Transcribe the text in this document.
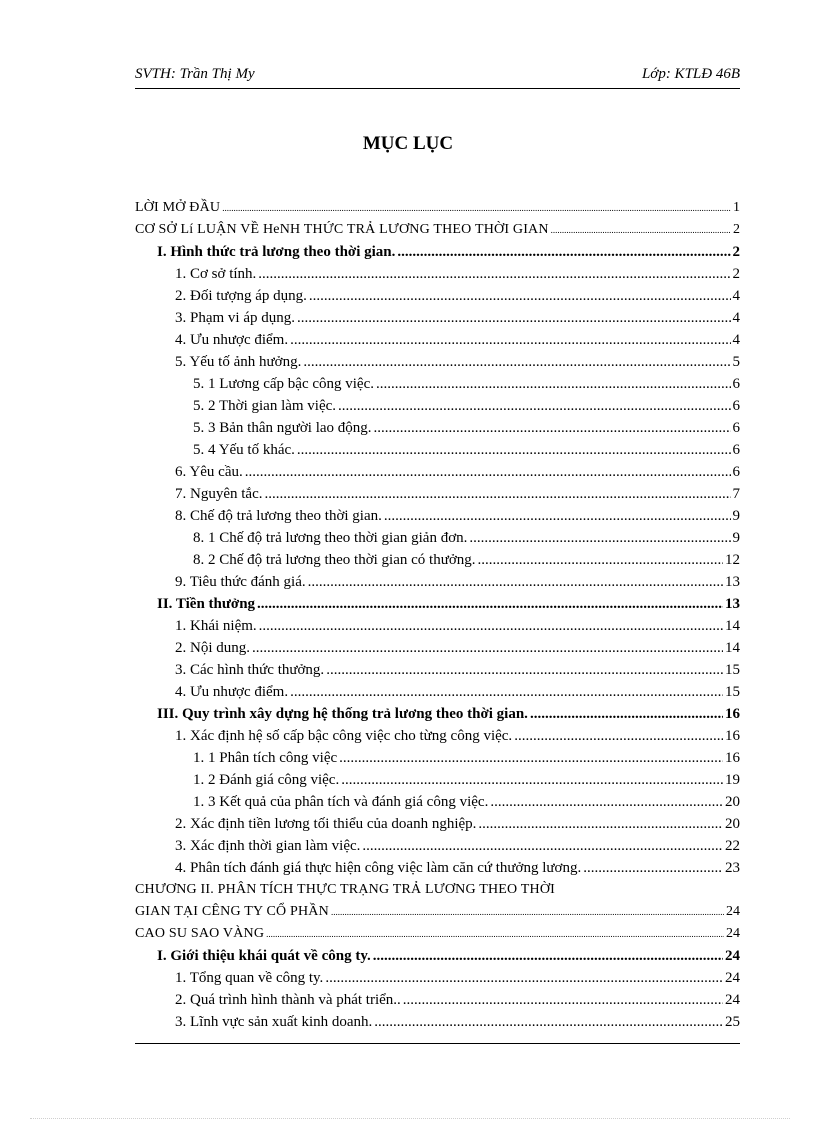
SVTH: Trần Thị My	Lớp: KTLĐ 46B
MỤC LỤC
LỜI MỞ ĐẦU .....	1
CƠ SỞ Lí LUẬN VỀ HeNH THỨC TRẢ LƯƠNG THEO THỜI GIAN .....	2
I. Hình thức trả lương theo thời gian. .....	2
1. Cơ sở tính. .....	2
2. Đối tượng áp dụng. .....	4
3. Phạm vi áp dụng. .....	4
4. Ưu nhược điểm. .....	4
5. Yếu tố ảnh hưởng. .....	5
5. 1 Lương cấp bậc công việc. .....	6
5. 2 Thời gian làm việc. .....	6
5. 3 Bản thân người lao động. .....	6
5. 4 Yếu tố khác. .....	6
6. Yêu cầu. .....	6
7. Nguyên tắc. .....	7
8. Chế độ trả lương theo thời gian. .....	9
8. 1 Chế độ trả lương theo thời gian giản đơn. .....	9
8. 2 Chế độ trả lương theo thời gian có thưởng. .....	12
9. Tiêu thức đánh giá. .....	13
II. Tiền thưởng .....	13
1. Khái niệm. .....	14
2. Nội dung. .....	14
3. Các hình thức thưởng. .....	15
4. Ưu nhược điểm. .....	15
III. Quy trình xây dựng hệ thống trả lương theo thời gian. .....	16
1. Xác định hệ số cấp bậc công việc cho từng công việc. .....	16
1. 1 Phân tích công việc .....	16
1. 2 Đánh giá công việc. .....	19
1. 3 Kết quả của phân tích và đánh giá công việc. .....	20
2. Xác định tiền lương tối thiểu của doanh nghiệp. .....	20
3. Xác định thời gian làm việc. .....	22
4. Phân tích đánh giá thực hiện công việc làm căn cứ thưởng lương. .....	23
CHƯƠNG II. PHÂN TÍCH THỰC TRẠNG TRẢ LƯƠNG THEO THỜI
GIAN TẠI CÊNG TY CỔ PHẦN .....	24
CAO SU SAO VÀNG .....	24
I. Giới thiệu khái quát về công ty. .....	24
1. Tổng quan về công ty. .....	24
2. Quá trình hình thành và phát triển.. .....	24
3. Lĩnh vực sản xuất kinh doanh. .....	25
